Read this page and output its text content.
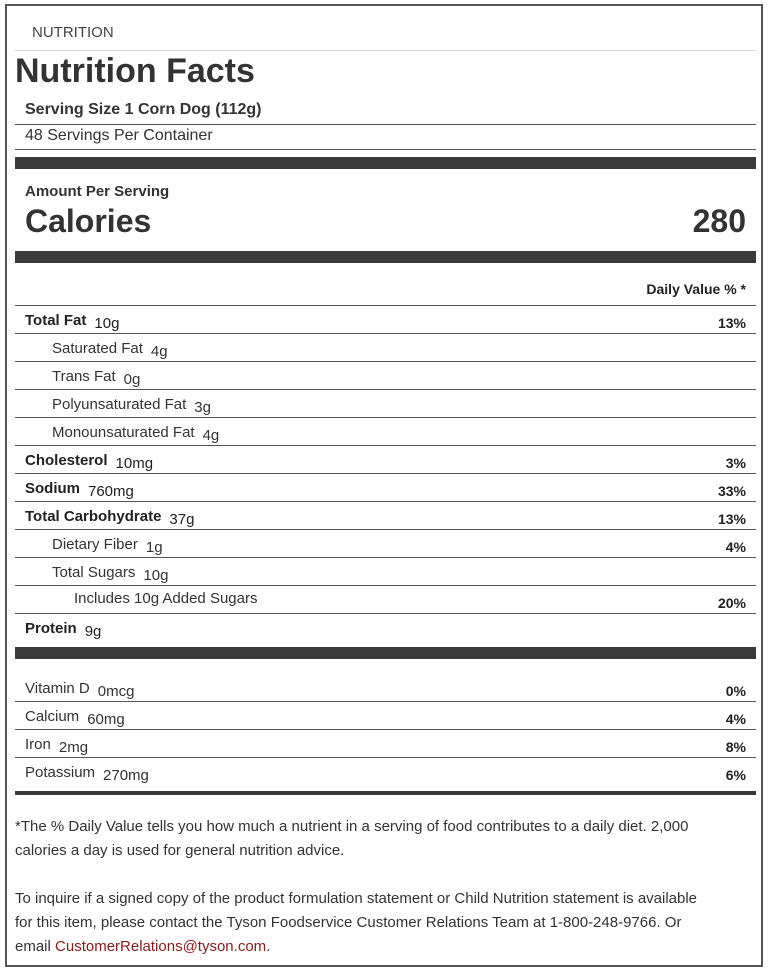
NUTRITION
Nutrition Facts
Serving Size 1 Corn Dog (112g)
48 Servings Per Container
Amount Per Serving
Calories	280
Daily Value % *
Total Fat 10g	13%
Saturated Fat 4g
Trans Fat 0g
Polyunsaturated Fat 3g
Monounsaturated Fat 4g
Cholesterol 10mg	3%
Sodium 760mg	33%
Total Carbohydrate 37g	13%
Dietary Fiber 1g	4%
Total Sugars 10g
Includes 10g Added Sugars	20%
Protein 9g
Vitamin D 0mcg	0%
Calcium 60mg	4%
Iron 2mg	8%
Potassium 270mg	6%
*The % Daily Value tells you how much a nutrient in a serving of food contributes to a daily diet. 2,000
calories a day is used for general nutrition advice.
To inquire if a signed copy of the product formulation statement or Child Nutrition statement is available
for this item, please contact the Tyson Foodservice Customer Relations Team at 1-800-248-9766. Or
email CustomerRelations@tyson.com.
